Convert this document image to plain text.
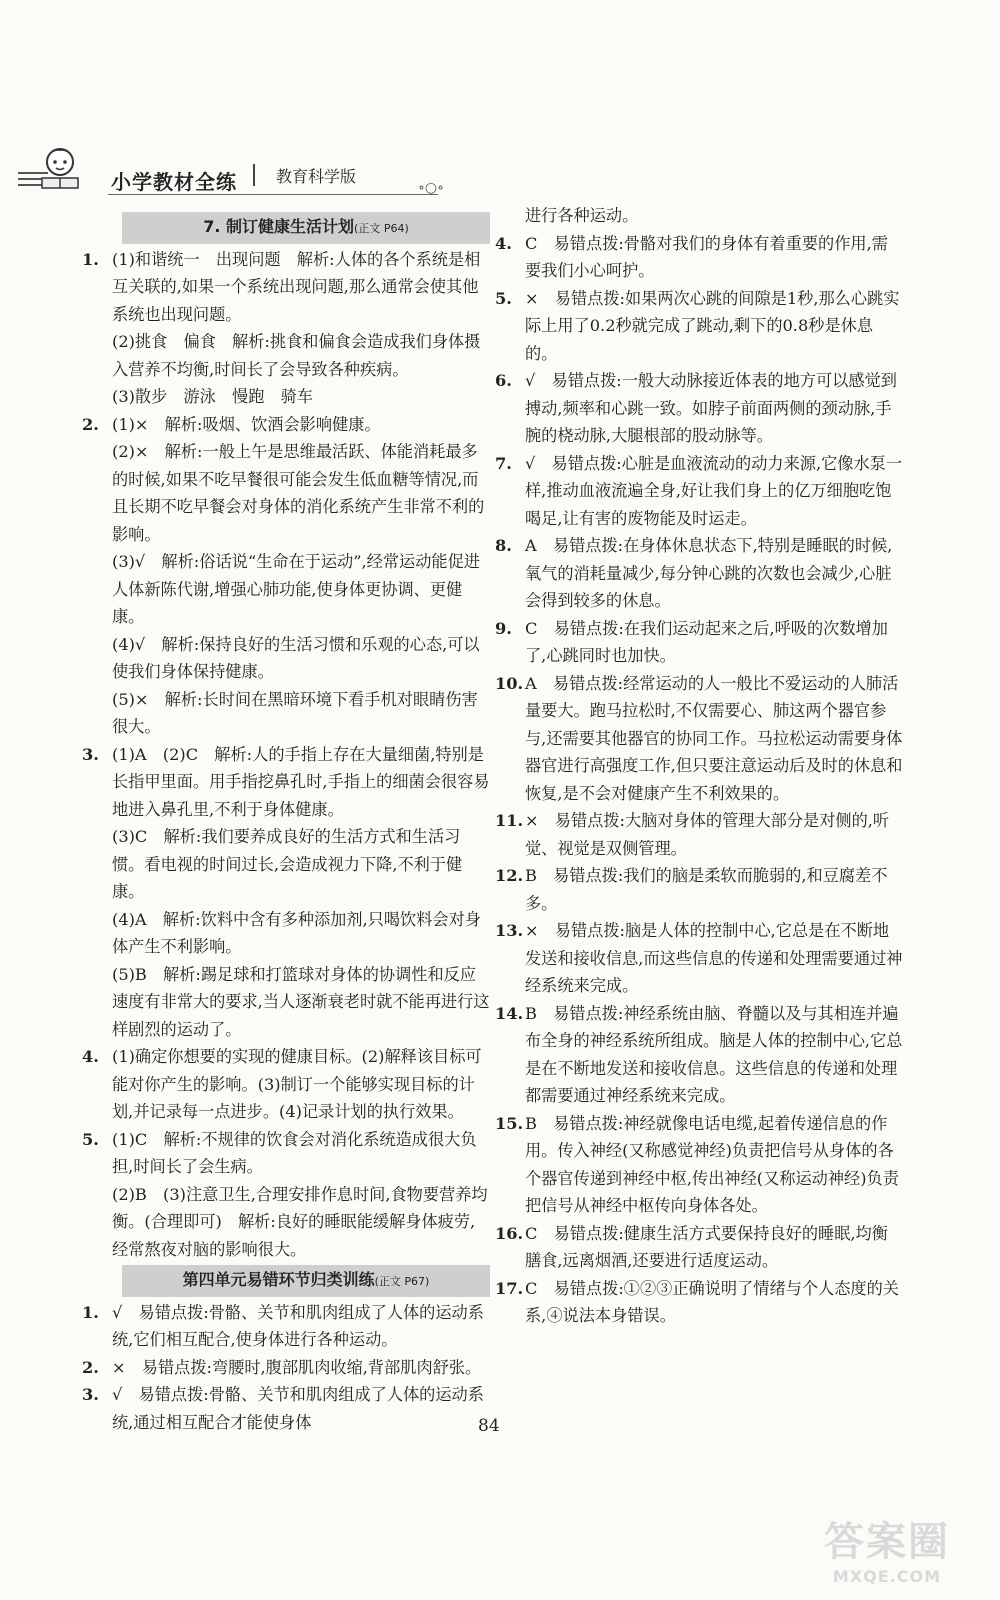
小学教材全练 教育科学版
∘○∘
7. 制订健康生活计划(正文 P64)

1. (1)和谐统一　出现问题　解析:人体的各个系统是相互关联的,如果一个系统出现问题,那么通常会使其他系统也出现问题。

(2)挑食　偏食　解析:挑食和偏食会造成我们身体摄入营养不均衡,时间长了会导致各种疾病。

(3)散步　游泳　慢跑　骑车

2. (1)×　解析:吸烟、饮酒会影响健康。

(2)×　解析:一般上午是思维最活跃、体能消耗最多的时候,如果不吃早餐很可能会发生低血糖等情况,而且长期不吃早餐会对身体的消化系统产生非常不利的影响。

(3)√　解析:俗话说“生命在于运动”,经常运动能促进人体新陈代谢,增强心肺功能,使身体更协调、更健康。

(4)√　解析:保持良好的生活习惯和乐观的心态,可以使我们身体保持健康。

(5)×　解析:长时间在黑暗环境下看手机对眼睛伤害很大。

3. (1)A　(2)C　解析:人的手指上存在大量细菌,特别是长指甲里面。用手指挖鼻孔时,手指上的细菌会很容易地进入鼻孔里,不利于身体健康。

(3)C　解析:我们要养成良好的生活方式和生活习惯。看电视的时间过长,会造成视力下降,不利于健康。

(4)A　解析:饮料中含有多种添加剂,只喝饮料会对身体产生不利影响。

(5)B　解析:踢足球和打篮球对身体的协调性和反应速度有非常大的要求,当人逐渐衰老时就不能再进行这样剧烈的运动了。

4. (1)确定你想要的实现的健康目标。(2)解释该目标可能对你产生的影响。(3)制订一个能够实现目标的计划,并记录每一点进步。(4)记录计划的执行效果。

5. (1)C　解析:不规律的饮食会对消化系统造成很大负担,时间长了会生病。

(2)B　(3)注意卫生,合理安排作息时间,食物要营养均衡。(合理即可)　解析:良好的睡眠能缓解身体疲劳,经常熬夜对脑的影响很大。

第四单元易错环节归类训练(正文 P67)

1. √　易错点拨:骨骼、关节和肌肉组成了人体的运动系统,它们相互配合,使身体进行各种运动。

2. ×　易错点拨:弯腰时,腹部肌肉收缩,背部肌肉舒张。

3. √　易错点拨:骨骼、关节和肌肉组成了人体的运动系统,通过相互配合才能使身体

进行各种运动。

4. C　易错点拨:骨骼对我们的身体有着重要的作用,需要我们小心呵护。

5. ×　易错点拨:如果两次心跳的间隙是1秒,那么心跳实际上用了0.2秒就完成了跳动,剩下的0.8秒是休息的。

6. √　易错点拨:一般大动脉接近体表的地方可以感觉到搏动,频率和心跳一致。如脖子前面两侧的颈动脉,手腕的桡动脉,大腿根部的股动脉等。

7. √　易错点拨:心脏是血液流动的动力来源,它像水泵一样,推动血液流遍全身,好让我们身上的亿万细胞吃饱喝足,让有害的废物能及时运走。

8. A　易错点拨:在身体休息状态下,特别是睡眠的时候,氧气的消耗量减少,每分钟心跳的次数也会减少,心脏会得到较多的休息。

9. C　易错点拨:在我们运动起来之后,呼吸的次数增加了,心跳同时也加快。

10. A　易错点拨:经常运动的人一般比不爱运动的人肺活量要大。跑马拉松时,不仅需要心、肺这两个器官参与,还需要其他器官的协同工作。马拉松运动需要身体器官进行高强度工作,但只要注意运动后及时的休息和恢复,是不会对健康产生不利效果的。

11. ×　易错点拨:大脑对身体的管理大部分是对侧的,听觉、视觉是双侧管理。

12. B　易错点拨:我们的脑是柔软而脆弱的,和豆腐差不多。

13. ×　易错点拨:脑是人体的控制中心,它总是在不断地发送和接收信息,而这些信息的传递和处理需要通过神经系统来完成。

14. B　易错点拨:神经系统由脑、脊髓以及与其相连并遍布全身的神经系统所组成。脑是人体的控制中心,它总是在不断地发送和接收信息。这些信息的传递和处理都需要通过神经系统来完成。

15. B　易错点拨:神经就像电话电缆,起着传递信息的作用。传入神经(又称感觉神经)负责把信号从身体的各个器官传递到神经中枢,传出神经(又称运动神经)负责把信号从神经中枢传向身体各处。

16. C　易错点拨:健康生活方式要保持良好的睡眠,均衡膳食,远离烟酒,还要进行适度运动。

17. C　易错点拨:①②③正确说明了情绪与个人态度的关系,④说法本身错误。

84
答案圈
MXQE.COM
